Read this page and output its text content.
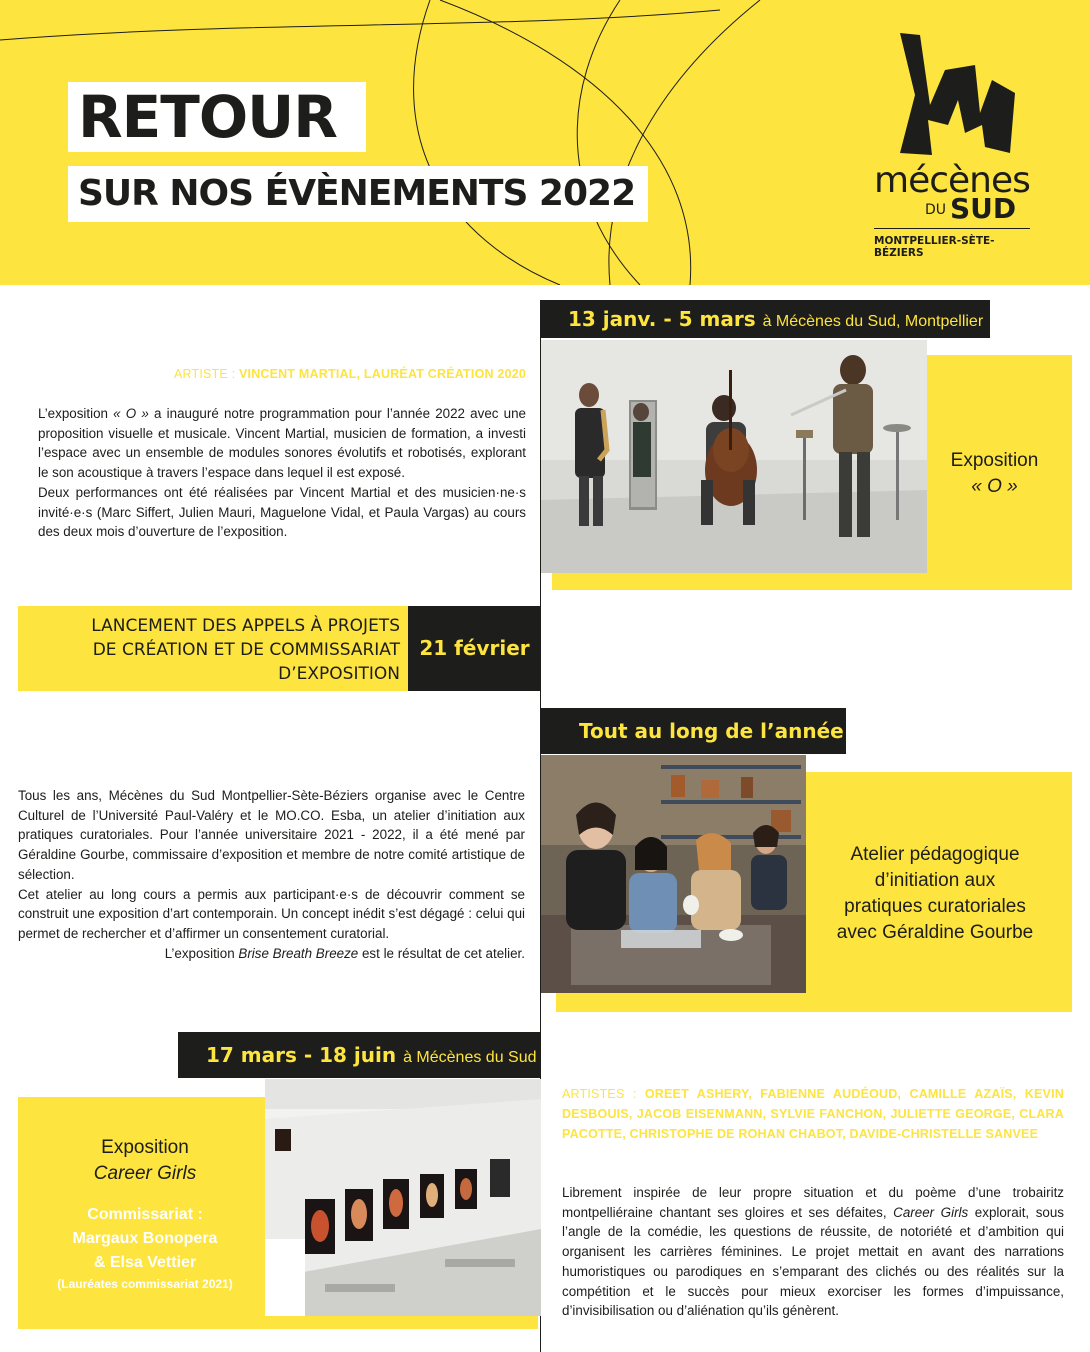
RETOUR
SUR NOS ÉVÈNEMENTS 2022	mécènes
DU SUD
MONTPELLIER-SÈTE-BÉZIERS
13 janv. - 5 mars à Mécènes du Sud, Montpellier
ARTISTE : VINCENT MARTIAL, LAURÉAT CRÉATION 2020
L’exposition « O » a inauguré notre programmation pour l’année 2022 avec une proposition visuelle et musicale. Vincent Martial, musicien de formation, a investi l’espace avec un ensemble de modules sonores évolutifs et robotisés, explorant le son acoustique à travers l’espace dans lequel il est exposé.
Deux performances ont été réalisées par Vincent Martial et des musicien·ne·s invité·e·s (Marc Siffert, Julien Mauri, Maguelone Vidal, et Paula Vargas) au cours des deux mois d’ouverture de l’exposition.
Exposition
« O »
LANCEMENT DES APPELS À PROJETS
DE CRÉATION ET DE COMMISSARIAT
D’EXPOSITION
21 février
Tout au long de l’année
Tous les ans, Mécènes du Sud Montpellier-Sète-Béziers organise avec le Centre Culturel de l’Université Paul-Valéry et le MO.CO. Esba, un atelier d’initiation aux pratiques curatoriales. Pour l’année universitaire 2021 - 2022, il a été mené par Géraldine Gourbe, commissaire d’exposition et membre de notre comité artistique de sélection.
Cet atelier au long cours a permis aux participant·e·s de découvrir comment se construit une exposition d’art contemporain. Un concept inédit s’est dégagé : celui qui permet de rechercher et d’affirmer un consentement curatorial.
L’exposition Brise Breath Breeze est le résultat de cet atelier.
Atelier pédagogique
d’initiation aux
pratiques curatoriales
avec Géraldine Gourbe
17 mars - 18 juin à Mécènes du Sud
Exposition
Career Girls
Commissariat :
Margaux Bonopera
& Elsa Vettier
(Lauréates commissariat 2021)
ARTISTES : OREET ASHERY, FABIENNE AUDÉOUD, CAMILLE AZAÏS, KEVIN DESBOUIS, JACOB EISENMANN, SYLVIE FANCHON, JULIETTE GEORGE, CLARA PACOTTE, CHRISTOPHE DE ROHAN CHABOT, DAVIDE-CHRISTELLE SANVEE
Librement inspirée de leur propre situation et du poème d’une trobairitz montpelliéraine chantant ses gloires et ses défaites, Career Girls explorait, sous l’angle de la comédie, les questions de réussite, de notoriété et d’ambition qui organisent les carrières féminines. Le projet mettait en avant des narrations humoristiques ou parodiques en s’emparant des clichés ou des réalités sur la compétition et le succès pour mieux exorciser les formes d’impuissance, d’invisibilisation ou d’aliénation qu’ils génèrent.
